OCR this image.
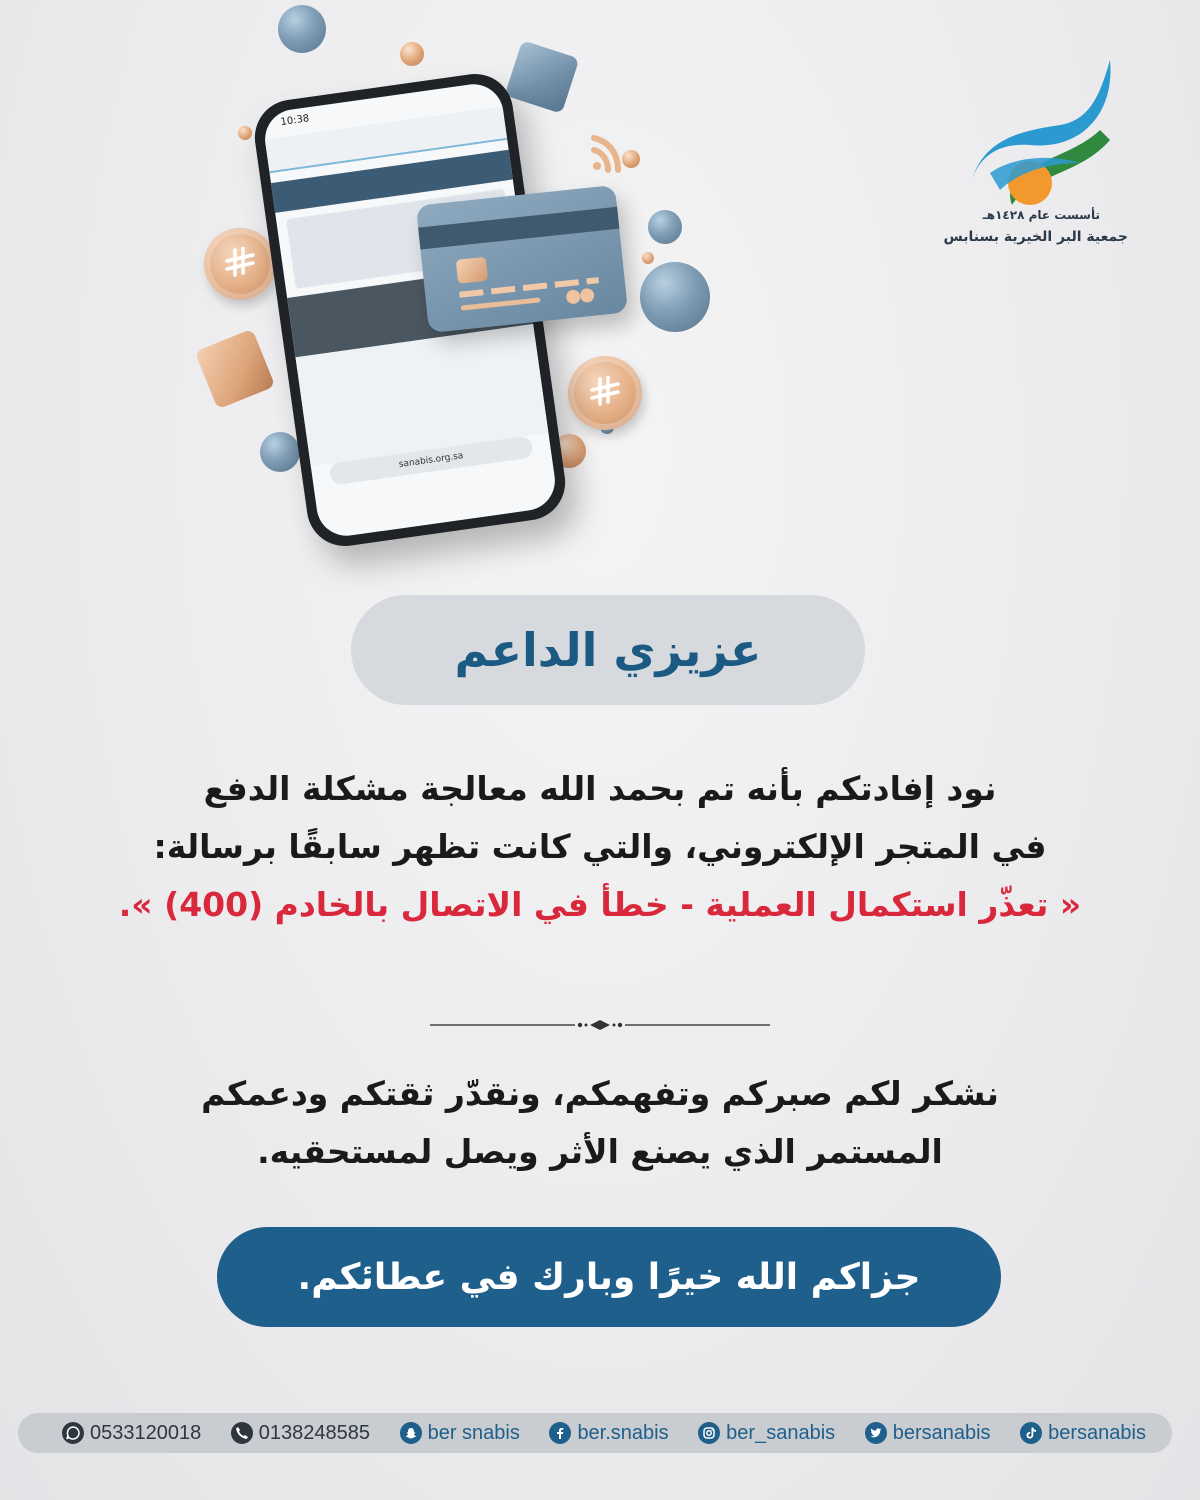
تأسست عام ١٤٢٨هـ
جمعية البر الخيرية بسنابس
10:38
sanabis.org.sa
عزيزي الداعم
نود إفادتكم بأنه تم بحمد الله معالجة مشكلة الدفع
في المتجر الإلكتروني، والتي كانت تظهر سابقًا برسالة:
« تعذّر استكمال العملية - خطأ في الاتصال بالخادم (400) ».
نشكر لكم صبركم وتفهمكم، ونقدّر ثقتكم ودعمكم
المستمر الذي يصنع الأثر ويصل لمستحقيه.
جزاكم الله خيرًا وبارك في عطائكم.
0533120018	0138248585	ber snabis	ber.snabis	ber_sanabis	bersanabis	bersanabis
